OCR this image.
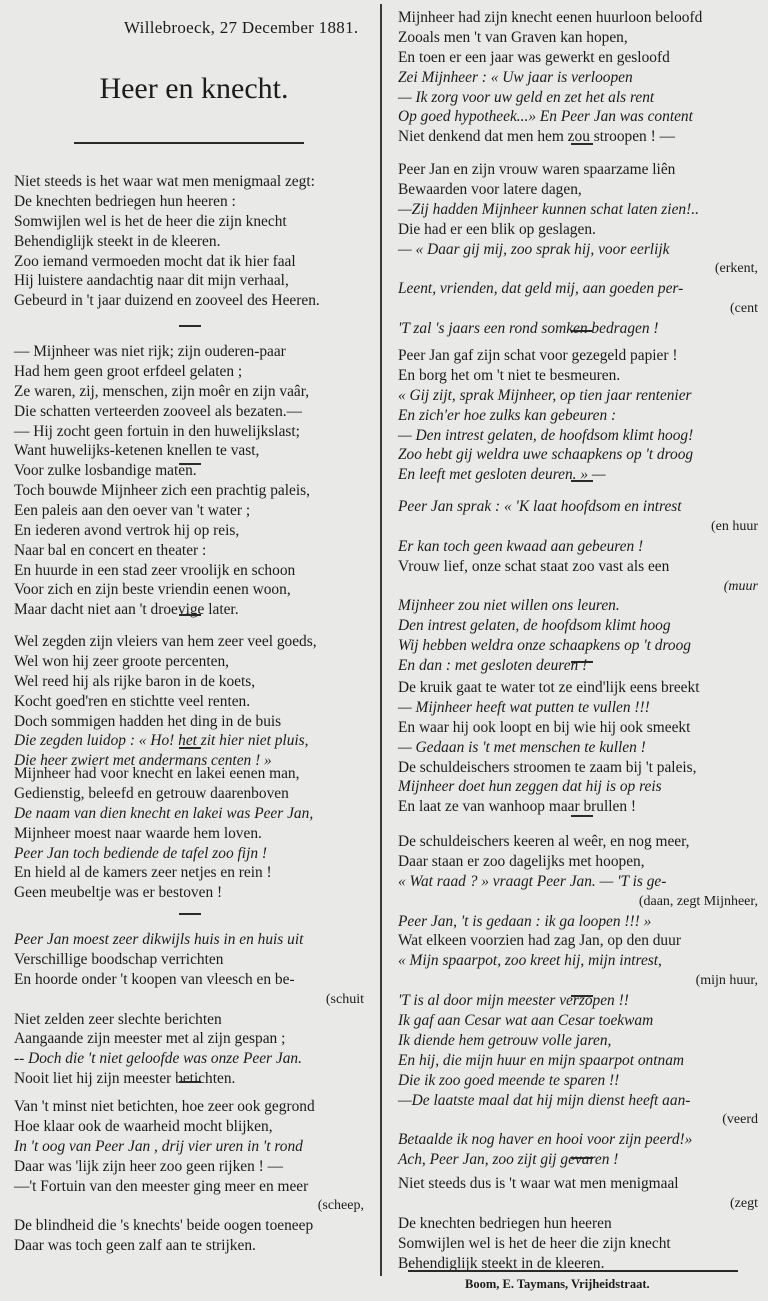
Willebroeck, 27 December 1881.
Heer en knecht.
Niet steeds is het waar wat men menigmaal zegt:
De knechten bedriegen hun heeren :
Somwijlen wel is het de heer die zijn knecht
Behendiglijk steekt in de kleeren.
Zoo iemand vermoeden mocht dat ik hier faal
Hij luistere aandachtig naar dit mijn verhaal,
Gebeurd in 't jaar duizend en zooveel des Heeren.
— Mijnheer was niet rijk; zijn ouderen-paar
Had hem geen groot erfdeel gelaten ;
Ze waren, zij, menschen, zijn moêr en zijn vaâr,
Die schatten verteerden zooveel als bezaten.—
— Hij zocht geen fortuin in den huwelijkslast;
Want huwelijks-ketenen knellen te vast,
Voor zulke losbandige maten.
Toch bouwde Mijnheer zich een prachtig paleis,
Een paleis aan den oever van 't water ;
En iederen avond vertrok hij op reis,
Naar bal en concert en theater :
En huurde in een stad zeer vroolijk en schoon
Voor zich en zijn beste vriendin eenen woon,
Maar dacht niet aan 't droevige later.
Wel zegden zijn vleiers van hem zeer veel goeds,
Wel won hij zeer groote percenten,
Wel reed hij als rijke baron in de koets,
Kocht goed'ren en stichtte veel renten.
Doch sommigen hadden het ding in de buis
Die zegden luidop : « Ho! het zit hier niet pluis,
Die heer zwiert met andermans centen ! »
Mijnheer had voor knecht en lakei eenen man,
Gedienstig, beleefd en getrouw daarenboven
De naam van dien knecht en lakei was Peer Jan,
Mijnheer moest naar waarde hem loven.
Peer Jan toch bediende de tafel zoo fijn !
En hield al de kamers zeer netjes en rein !
Geen meubeltje was er bestoven !
Peer Jan moest zeer dikwijls huis in en huis uit
Verschillige boodschap verrichten
En hoorde onder 't koopen van vleesch en be-
(schuit
Niet zelden zeer slechte berichten
Aangaande zijn meester met al zijn gespan ;
-- Doch die 't niet geloofde was onze Peer Jan.
Nooit liet hij zijn meester betichten.
Van 't minst niet betichten, hoe zeer ook gegrond
Hoe klaar ook de waarheid mocht blijken,
In 't oog van Peer Jan , drij vier uren in 't rond
Daar was 'lijk zijn heer zoo geen rijken ! —
—'t Fortuin van den meester ging meer en meer
(scheep,
De blindheid die 's knechts' beide oogen toeneep
Daar was toch geen zalf aan te strijken.
Mijnheer had zijn knecht eenen huurloon beloofd
Zooals men 't van Graven kan hopen,
En toen er een jaar was gewerkt en gesloofd
Zei Mijnheer : « Uw jaar is verloopen
— Ik zorg voor uw geld en zet het als rent
Op goed hypotheek...» En Peer Jan was content
Niet denkend dat men hem zou stroopen ! —
Peer Jan en zijn vrouw waren spaarzame liên
Bewaarden voor latere dagen,
—Zij hadden Mijnheer kunnen schat laten zien!..
Die had er een blik op geslagen.
— « Daar gij mij, zoo sprak hij, voor eerlijk
(erkent,
Leent, vrienden, dat geld mij, aan goeden per-
(cent
'T zal 's jaars een rond somken bedragen !
Peer Jan gaf zijn schat voor gezegeld papier !
En borg het om 't niet te besmeuren.
« Gij zijt, sprak Mijnheer, op tien jaar rentenier
En zich'er hoe zulks kan gebeuren :
— Den intrest gelaten, de hoofdsom klimt hoog!
Zoo hebt gij weldra uwe schaapkens op 't droog
En leeft met gesloten deuren. » —
Peer Jan sprak : « 'K laat hoofdsom en intrest
(en huur
Er kan toch geen kwaad aan gebeuren !
Vrouw lief, onze schat staat zoo vast als een
(muur
Mijnheer zou niet willen ons leuren.
Den intrest gelaten, de hoofdsom klimt hoog
Wij hebben weldra onze schaapkens op 't droog
En dan : met gesloten deuren !
De kruik gaat te water tot ze eind'lijk eens breekt
— Mijnheer heeft wat putten te vullen !!!
En waar hij ook loopt en bij wie hij ook smeekt
— Gedaan is 't met menschen te kullen !
De schuldeischers stroomen te zaam bij 't paleis,
Mijnheer doet hun zeggen dat hij is op reis
En laat ze van wanhoop maar brullen !
De schuldeischers keeren al weêr, en nog meer,
Daar staan er zoo dagelijks met hoopen,
« Wat raad ? » vraagt Peer Jan. — 'T is ge-
(daan, zegt Mijnheer,
Peer Jan, 't is gedaan : ik ga loopen !!! »
Wat elkeen voorzien had zag Jan, op den duur
« Mijn spaarpot, zoo kreet hij, mijn intrest,
(mijn huur,
'T is al door mijn meester verzopen !!
Ik gaf aan Cesar wat aan Cesar toekwam
Ik diende hem getrouw volle jaren,
En hij, die mijn huur en mijn spaarpot ontnam
Die ik zoo goed meende te sparen !!
—De laatste maal dat hij mijn dienst heeft aan-
(veerd
Betaalde ik nog haver en hooi voor zijn peerd!»
Ach, Peer Jan, zoo zijt gij gevaren !
Niet steeds dus is 't waar wat men menigmaal
(zegt
De knechten bedriegen hun heeren
Somwijlen wel is het de heer die zijn knecht
Behendiglijk steekt in de kleeren.
Boom, E. Taymans, Vrijheidstraat.
